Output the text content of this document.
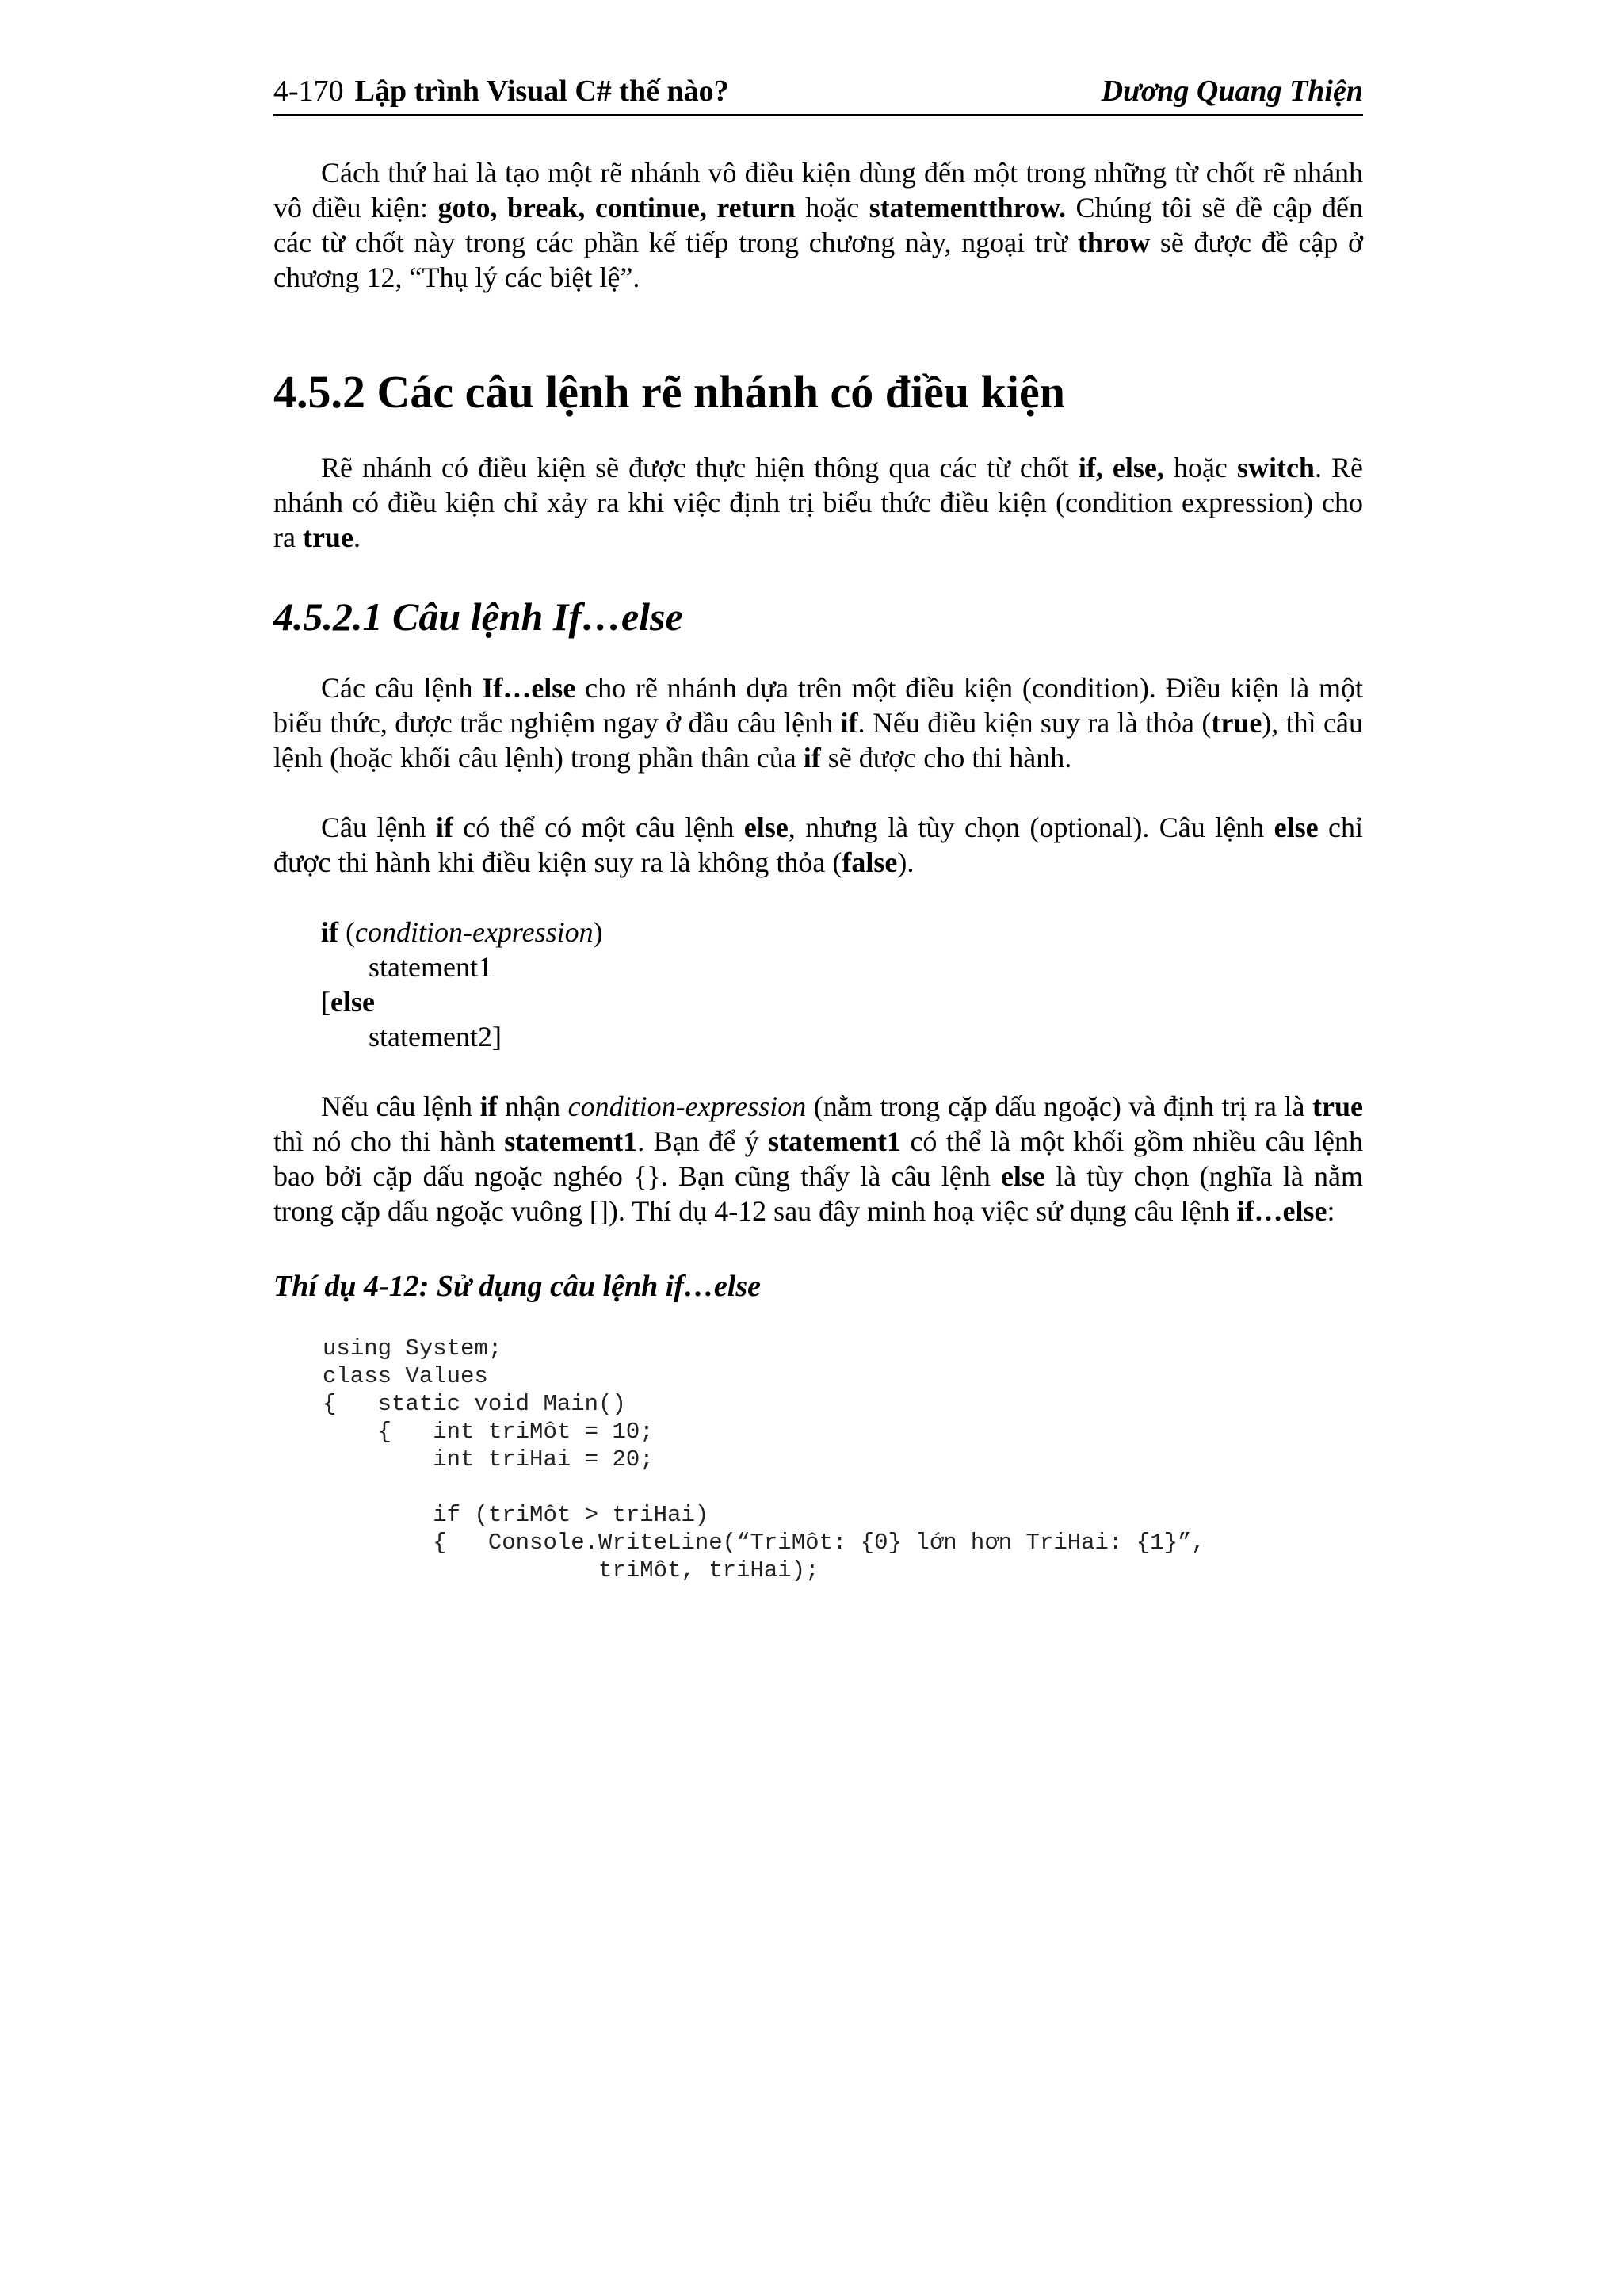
4-170 Lập trình Visual C# thế nào?	Dương Quang Thiện

Cách thứ hai là tạo một rẽ nhánh vô điều kiện dùng đến một trong những từ chốt rẽ nhánh vô điều kiện: goto, break, continue, return hoặc statementthrow. Chúng tôi sẽ đề cập đến các từ chốt này trong các phần kế tiếp trong chương này, ngoại trừ throw sẽ được đề cập ở chương 12, “Thụ lý các biệt lệ”.

4.5.2 Các câu lệnh rẽ nhánh có điều kiện

Rẽ nhánh có điều kiện sẽ được thực hiện thông qua các từ chốt if, else, hoặc switch. Rẽ nhánh có điều kiện chỉ xảy ra khi việc định trị biểu thức điều kiện (condition expression) cho ra true.

4.5.2.1 Câu lệnh If…else

Các câu lệnh If…else cho rẽ nhánh dựa trên một điều kiện (condition). Điều kiện là một biểu thức, được trắc nghiệm ngay ở đầu câu lệnh if. Nếu điều kiện suy ra là thỏa (true), thì câu lệnh (hoặc khối câu lệnh) trong phần thân của if sẽ được cho thi hành.

Câu lệnh if có thể có một câu lệnh else, nhưng là tùy chọn (optional). Câu lệnh else chỉ được thi hành khi điều kiện suy ra là không thỏa (false).

if (condition-expression)
statement1
[else
statement2]

Nếu câu lệnh if nhận condition-expression (nằm trong cặp dấu ngoặc) và định trị ra là true thì nó cho thi hành statement1. Bạn để ý statement1 có thể là một khối gồm nhiều câu lệnh bao bởi cặp dấu ngoặc nghéo {}. Bạn cũng thấy là câu lệnh else là tùy chọn (nghĩa là nằm trong cặp dấu ngoặc vuông []). Thí dụ 4-12 sau đây minh hoạ việc sử dụng câu lệnh if…else:

Thí dụ 4-12: Sử dụng câu lệnh if…else
using System;
class Values
{   static void Main()
{   int triMôt = 10;
int triHai = 20;

if (triMôt > triHai)
{   Console.WriteLine(“TriMôt: {0} lớn hơn TriHai: {1}”,
triMôt, triHai);
